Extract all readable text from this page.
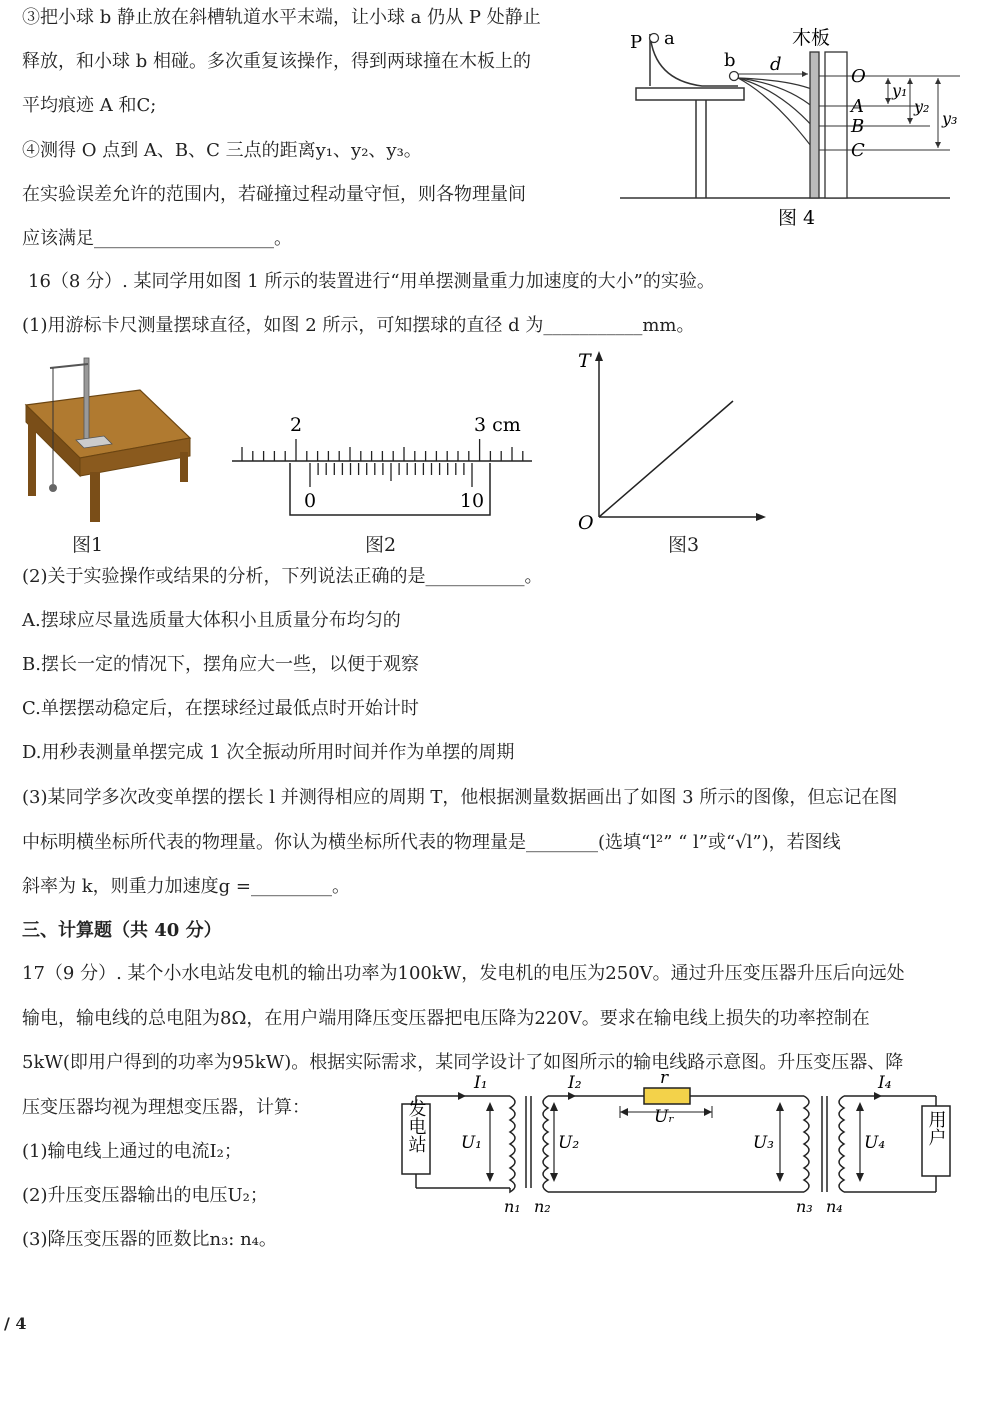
③把小球 b 静止放在斜槽轨道水平末端，让小球 a 仍从 P 处静止
释放，和小球 b 相碰。多次重复该操作，得到两球撞在木板上的
平均痕迹 A 和C;
④测得 O 点到 A、B、C 三点的距离y₁、y₂、y₃。
在实验误差允许的范围内，若碰撞过程动量守恒，则各物理量间
应该满足____________________。
P a
b d
木板
O
A
B
C
y₁
y₂
y₃
图 4
16（8 分）. 某同学用如图 1 所示的装置进行“用单摆测量重力加速度的大小”的实验。
(1)用游标卡尺测量摆球直径，如图 2 所示，可知摆球的直径 d 为___________mm。
图1
2	3 cm
0	10
图2
T
O
图3
(2)关于实验操作或结果的分析，下列说法正确的是___________。
A.摆球应尽量选质量大体积小且质量分布均匀的
B.摆长一定的情况下，摆角应大一些，以便于观察
C.单摆摆动稳定后，在摆球经过最低点时开始计时
D.用秒表测量单摆完成 1 次全振动所用时间并作为单摆的周期
(3)某同学多次改变单摆的摆长 l 并测得相应的周期 T，他根据测量数据画出了如图 3 所示的图像，但忘记在图
中标明横坐标所代表的物理量。你认为横坐标所代表的物理量是________(选填“l²” “ l”或“√l”)，若图线
斜率为 k，则重力加速度g =_________。
三、计算题（共 40 分）
17（9 分）. 某个小水电站发电机的输出功率为100kW，发电机的电压为250V。通过升压变压器升压后向远处
输电，输电线的总电阻为8Ω，在用户端用降压变压器把电压降为220V。要求在输电线上损失的功率控制在
5kW(即用户得到的功率为95kW)。根据实际需求，某同学设计了如图所示的输电线路示意图。升压变压器、降
压变压器均视为理想变压器，计算：
(1)输电线上通过的电流I₂；
(2)升压变压器输出的电压U₂；
(3)降压变压器的匝数比n₃: n₄。
发电站	用户
I₁	I₂	r
Uᵣ
I₄
U₁	U₂	U₃	U₄
n₁ n₂	n₃ n₄
/ 4
